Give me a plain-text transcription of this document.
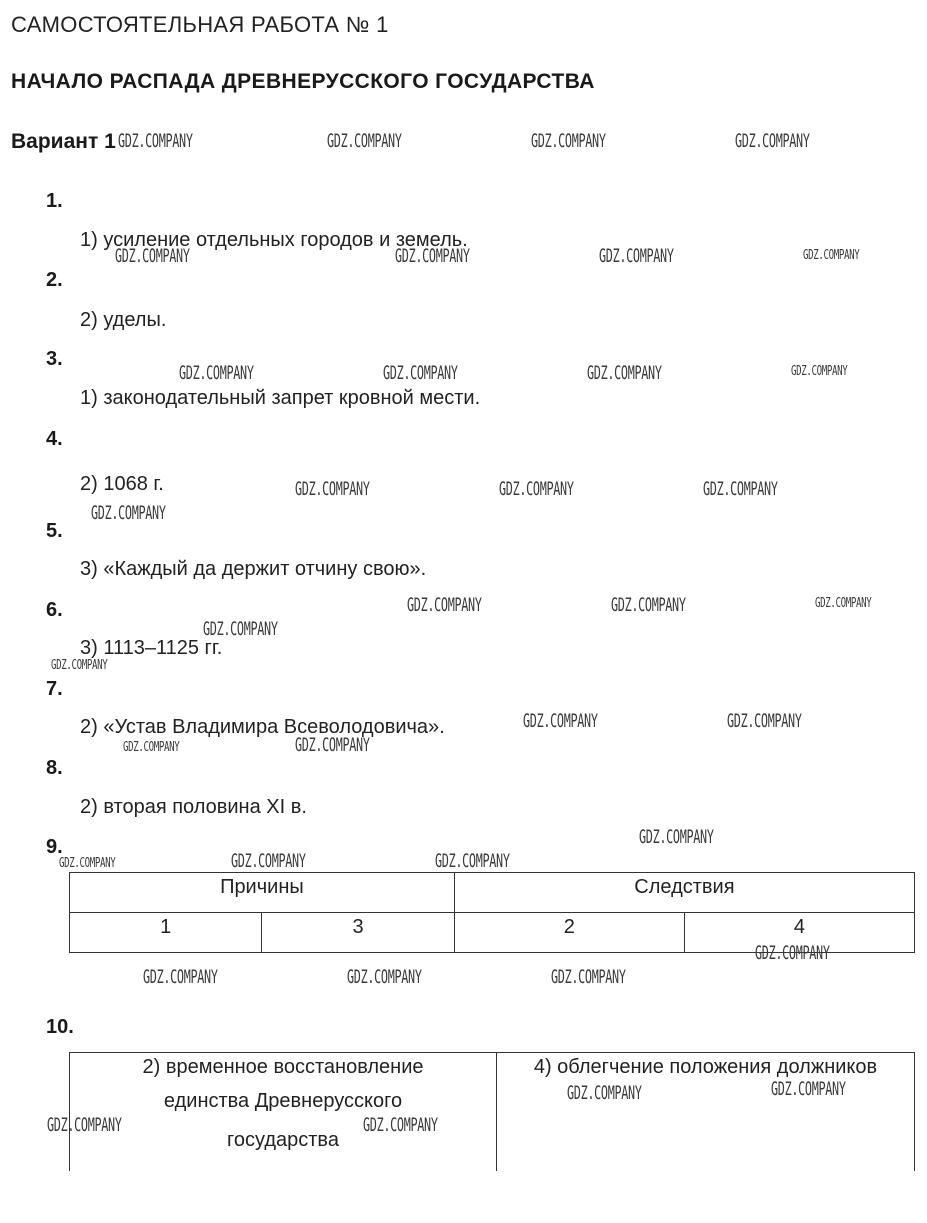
САМОСТОЯТЕЛЬНАЯ РАБОТА № 1
НАЧАЛО РАСПАДА ДРЕВНЕРУССКОГО ГОСУДАРСТВА
Вариант 1
1.
2.
3.
4.
5.
6.
7.
8.
9.
10.
1) усиление отдельных городов и земель.
2) уделы.
1) законодательный запрет кровной мести.
2) 1068 г.
3) «Каждый да держит отчину свою».
3) 1113–1125 гг.
2) «Устав Владимира Всеволодовича».
2) вторая половина XI в.
Причины		Следствия	
1	3	2	4
2) временное восстановление
единства Древнерусского
государства
	4) облегчение положения должников
GDZ.COMPANY	GDZ.COMPANY	GDZ.COMPANY	GDZ.COMPANY
GDZ.COMPANY	GDZ.COMPANY	GDZ.COMPANY	GDZ.COMPANY
GDZ.COMPANY	GDZ.COMPANY	GDZ.COMPANY	GDZ.COMPANY
GDZ.COMPANY	GDZ.COMPANY	GDZ.COMPANY
GDZ.COMPANY
GDZ.COMPANY	GDZ.COMPANY	GDZ.COMPANY
GDZ.COMPANY
GDZ.COMPANY
GDZ.COMPANY	GDZ.COMPANY
GDZ.COMPANY	GDZ.COMPANY
GDZ.COMPANY
GDZ.COMPANY	GDZ.COMPANY	GDZ.COMPANY
GDZ.COMPANY
GDZ.COMPANY	GDZ.COMPANY	GDZ.COMPANY
GDZ.COMPANY	GDZ.COMPANY
GDZ.COMPANY	GDZ.COMPANY
